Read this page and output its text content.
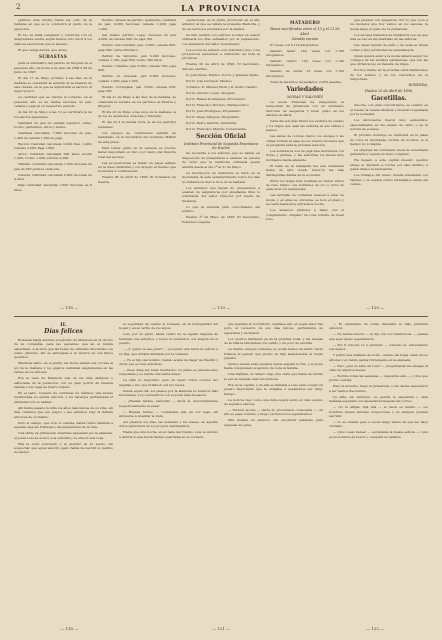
2	LA PROVINCIA

patíbulo este mismo hasta las ocho de la mañana en que se le conducirá al punto de la ejecución.

El reo se halla resignado y conforme con su desgraciada suerte según hemos oído decir a los señores sacerdotes que le asisten.

El que venga detrás, que arree.

SUBASTAS

para el suministro del partido de Moguer en el presente año, de fecha 4 de Julio de 1896 á 30 de Junio de 1897.

El día 17 de Mayo próximo á las diez de la mañana se celebrará la subasta de la manera de esta ciudad, en la que se adjudicará el servicio al mejor postor.

La cantidad que se calcula el consumo en el presente año es de tantas raciones de pan, cebada y paja en su respectivo período.

Al día 20 de Mayo á las 12 se verificará la de los efectos siguientes.

Cantidad de pan de calidad superior, carne, tocino, garbanzos, arroz y aceite.

Cantidad calculada: 7.000 raciones de pan, 1.400 de cebada y 620 de paja.

Ración: Cantidad calculada 3.000; Pan, 1.400; Cebada 2.000; Paja 1.600.

Arroz: Cantidad calculada 500 kilos; Aceite 1.200; Tocino 1.000; Carbón 2.000.

Tamaño: Cantidad calculada 7.000 raciones de pan de 650 gramos cada una.

Cebada: Cantidad calculada 2.000 raciones de 4 kilos.

Paja: Cantidad calculada 1.600 raciones de 6 kilos.

Pueblo: cabeza de partido, Ayamonte; cantidad de pan, 9.000 raciones; cebada 1.200; paja 1.000.

Del mismo partido: Lepe; raciones de pan 4.000; de cebada 900; de paja 700.

Pueblo: Isla Cristina; pan, 5.000; cebada 800; paja 600; carne 500 kilos.

Partido de Valverde: pan 6.000 raciones, cebada 1.100, paja 950; tocino 300 kilos.

Pueblo: Calañas; pan 3.200; cebada 700; paja 600.

Partido de Aracena: pan 8.000 raciones; cebada 1.500; paja 1.300.

Pueblo: Cortegana; pan 3.500; cebada 650; paja 500.

El día 21 de Mayo á las diez de la mañana, se celebrará la subasta de los partidos de Huelva y Moguer.

El día 22 de Mayo á las doce de la mañana, la de los de Ayamonte, Aracena y Valverde.

El día 23 á la misma hora, la de los partidos restantes.

Los pliegos de condiciones estarán de manifiesto en la Secretaría del Gobierno Militar de esta plaza.

Para tomar parte en la subasta es preciso haber depositado el cinco por ciento del importe total del servicio.

Las proposiciones se harán en papel sellado de la clase undécima y con arreglo al modelo que se inserta a continuación.

Huelva 28 de Abril de 1896. El Comisario de Guerra.

operaciones de la Junta provincial en el año anterior, al que se refiere la presente Memoria, y de los servicios prestados por la misma.

Se han reunido los señores vocales en sesión ordinaria los días señalados por el reglamento, con asistencia del señor Gobernador.

Los socios de número son cuarenta y dos, y los protectores ascienden a veintiocho en toda la provincia.

Huelva 30 de Abril de 1896. El Secretario, Antonio Garrido.

D. José Pérez, Médico. Por D. J. Jiménez Ojeda.

Por D. José Cerrejón, Médico.

Notarios: D. Manuel Mora y D. Pedro Castillo.

Por D. Antonio López, Abogado.

Por D. Rafael Domínguez, Procurador.

Por D. Francisco Borrero, Farmacéutico.

Por D. Juan Rodríguez, Propietario.

Por D. Diego Vázquez, Propietario.

Por D. Pedro Garrido, Industrial.

Por D. Francisco Martín, Comerciante.

Sección Oficial
Instituto Provincial de Segunda Enseñanza de Huelva

Se recuerda a los señores que se hallen en disposición de presentarse a examen de prueba de curso que la matrícula ordinaria queda abierta desde el día 1º al 31 de Mayo.

La inscripción de matrícula se hará en la Secretaría de este establecimiento todos los días no feriados de diez a doce de la mañana.

Los alumnos que hayan de presentarse a examen de asignaturas por enseñanza libre lo solicitarán del señor Director por medio de instancia.

Lo que se anuncia para conocimiento del público.

Huelva 1º de Mayo de 1896. El Secretario, Francisco Laguna.

MATADERO
Reses sacrificadas entre el 15 y el 21 de Abril.
Ganado vacuno

67 reses con 6.119 kilogramos.

Ganado lanar: 144 reses con 1.780 kilogramos.

Ganado cabrío: 102 reses con 1.140 kilogramos.

Ganado de cerda: 23 reses con 1.720 kilogramos.

Total de derechos recaudados: 2.450 pesetas.

Variedades
MODAS Y SALONES

La moda Francesa ha inaugurado la temporada de primavera con un verdadero derroche de elegancia y buen gusto en los salones de París.

Cada día son más lindos los vestidos de verano y los trajes que usan las señoras en sus visitas y paseos.

Las sedas de colores claros, los encajes y las cintas forman la base de los nuevos modelos que se preparan para la próxima estación.

Los sombreros son de paja fina adornados con flores y plumas, y las señoritas los llevan muy inclinados hacia adelante.

El baile de la embajada fue una verdadera fiesta de arte donde lucieron las más distinguidas damas de la sociedad.

Entre los trajes más notables se vieron varios de raso blanco con bordados de oro y otros de gasa azul con lentejuelas.

Las tertulias de confianza vuelven a estar de moda, y en ellas se conversa, se toca el piano y se canta hasta muy entrada la noche.

Los abanicos pintados a mano son el complemento obligado de toda toilette de buen tono.

que pueden con elegancia. Por lo que toca a los modelos que hoy vemos en los salones, la moda sigue el gusto de la primavera.

Los encajes llamados de Inglaterra son los que más se ven en las mantillas de las señoras.

Las capas ligeras de paño o de seda se llevan cortas y muy adornadas de pasamanería.

Quien quiera estar a la moda deberá seguir los consejos de las revistas parisienses, que son las que dictan la ley en materia de trajes.

Por hoy basta; en la próxima carta hablaremos de los teatros y de los conciertos de la temporada.

ROSENDA.
Huelva 25 de Abril de 1896.
Gacetillas.

Anoche, con gran concurrencia, se celebró en el Casino la velada literaria y musical organizada por la sociedad.

Los aficionados fueron muy aplaudidos, especialmente en las piezas de canto y en la lectura de poesías.

El próximo domingo se verificará en la plaza de toros la anunciada corrida de novillos, si el tiempo no lo impide.

La empresa ha contratado reses de acreditada ganadería y espera un lleno completo.

Ha llegado a esta capital nuestro querido amigo el diputado a Cortes por este distrito, a quien damos la bienvenida.

Los trabajos del nuevo muelle adelantan con rapidez y se espera verlos terminados antes del verano.

— 118 —	— 119 —	— 120 —
II.
Días felices

Rodeada había entrado el señorito de Mendoza en el círculo de su compañía, para las pacientes que en el bufete esperaban. A la hora que las horas de ordinario discurrían con suave placidez, allí se entregaba a la lectura de sus libros queridos.

Mientras tanto, en el jardín, las flores abrían sus corolas al sol de la mañana y los pájaros cantaban alegremente en las ramas de los árboles.

Era la casa de Mendoza una de las más antiguas y señoriales de la población, con su gran portón de madera tallada y sus rejas de hierro forjado.

En el patio, rodeado de columnas de mármol, una fuente murmuraba su eterna canción, y los naranjos perfumaban el ambiente con su azahar.

Allí había pasado la niña los años más felices de su vida, sin más cuidados que sus juegos y sus estudios, bajo la mirada amorosa de su madre.

Pero el tiempo, que todo lo cambia, había traído también a aquella casa las tristezas y las inquietudes de la vida.

Una tarde de primavera, mientras paseaban por la alameda, el joven Luis se acercó a la señorita y le ofreció una rosa.

Ella la tomó sonriendo y la prendió en su pecho, sin sospechar que aquel sencillo gesto había de decidir el destino de ambos.

la seguridad de cuanto le rodeaba, en la tranquilidad del hogar y en el cariño de los suyos.

Luis, por su parte, había vuelto de la capital después de terminar sus estudios, y todos le recibieron con alegría en el pueblo.

— ¿Y quién es ese joven? — preguntó una tarde la señora a su hija, que miraba distraída por la ventana.

— Es el hijo del notario, mamá; acaba de llegar de Madrid y dicen que es muy estudioso.

— Pues debe ser buen muchacho; su padre es persona muy respetable y su madre una santa mujer.

La niña no respondió, pero un ligero rubor coloreó sus mejillas y sus ojos brillaron con luz nueva.

Desde aquel día, los paseos por la alameda se hicieron más frecuentes, y los encuentros con el joven más deseados.

— ¡Buenas tardes, señorita! — decía él, descubriéndose respetuosamente al pasar.

— Buenas tardes — contestaba ella en voz baja, sin atreverse a levantar la vista.

Así pasaron los días, las semanas y los meses, en aquella dulce ignorancia de los propios sentimientos.

Hasta que una noche, en el baile del Casino, Luis se atrevió a decirle lo que hacía tiempo guardaba en su corazón.

que pueblan su dormitorio. Quédase allí, en aquel amor tan puro, el recuerdo de sus días felices, perfumados de esperanza y de ilusión.

Los vecinos hablaban ya de la próxima boda, y las amigas de la niña la felicitaban con cariño y un poco de envidia.

La madre, aunque contenta, no podía menos de sentir cierta tristeza al pensar que pronto su hija abandonaría el hogar paterno.

Quince meses eran pasados desde aquella noche, y el joven había conquistado el aprecio de toda la familia.

Una mañana, el cartero trajo una carta que había de turbar la paz de aquella casa tan dichosa.

Era de la capital, y en ella se llamaba a Luis para ocupar un puesto importante que le obligaba a ausentarse por largo tiempo.

La noticia cayó como una nube negra sobre el cielo sereno de aquellos amores.

— Volveré pronto — decía él, procurando consolarla —; un año se pasa volando, y luego ya nunca nos separaremos.

Ella lloraba en silencio, sin encontrar palabras para expresar su pena.

— El semblante de Luisa denotaba la más profunda emoción.

— No tardes mucho — le dijo con voz temblorosa —; piensa que aquí quedo esperándote.

— Por tí volveré, te lo prometo — contestó él, estrechando sus manos.

Y partió una mañana de otoño, cuando las hojas caían de los árboles y el viento gemía tristemente en la alameda.

— Pero ¿qué se sabe de Luis? — preguntaban las amigas al cabo de algunos meses.

— Escribe todas las semanas — respondía ella —, y dice que pronto vendrá.

Pasó el invierno, llegó la primavera, y las cartas empezaron a ser menos frecuentes.

La niña, sin embargo, no perdía la esperanza y cada mañana esperaba con ansiedad la llegada del correo.

— No te aflijas, hija mía — le decía su madre —; los hombres tienen muchas ocupaciones y no siempre pueden escribir.

— Lo sé, mamá; pero a veces tengo miedo de que me haya olvidado.

— ¡Qué cosas tienes! — exclamaba la buena señora —; Luis es un hombre de honor y cumplirá su palabra.

— 118 —	— 121 —	— 122 —
